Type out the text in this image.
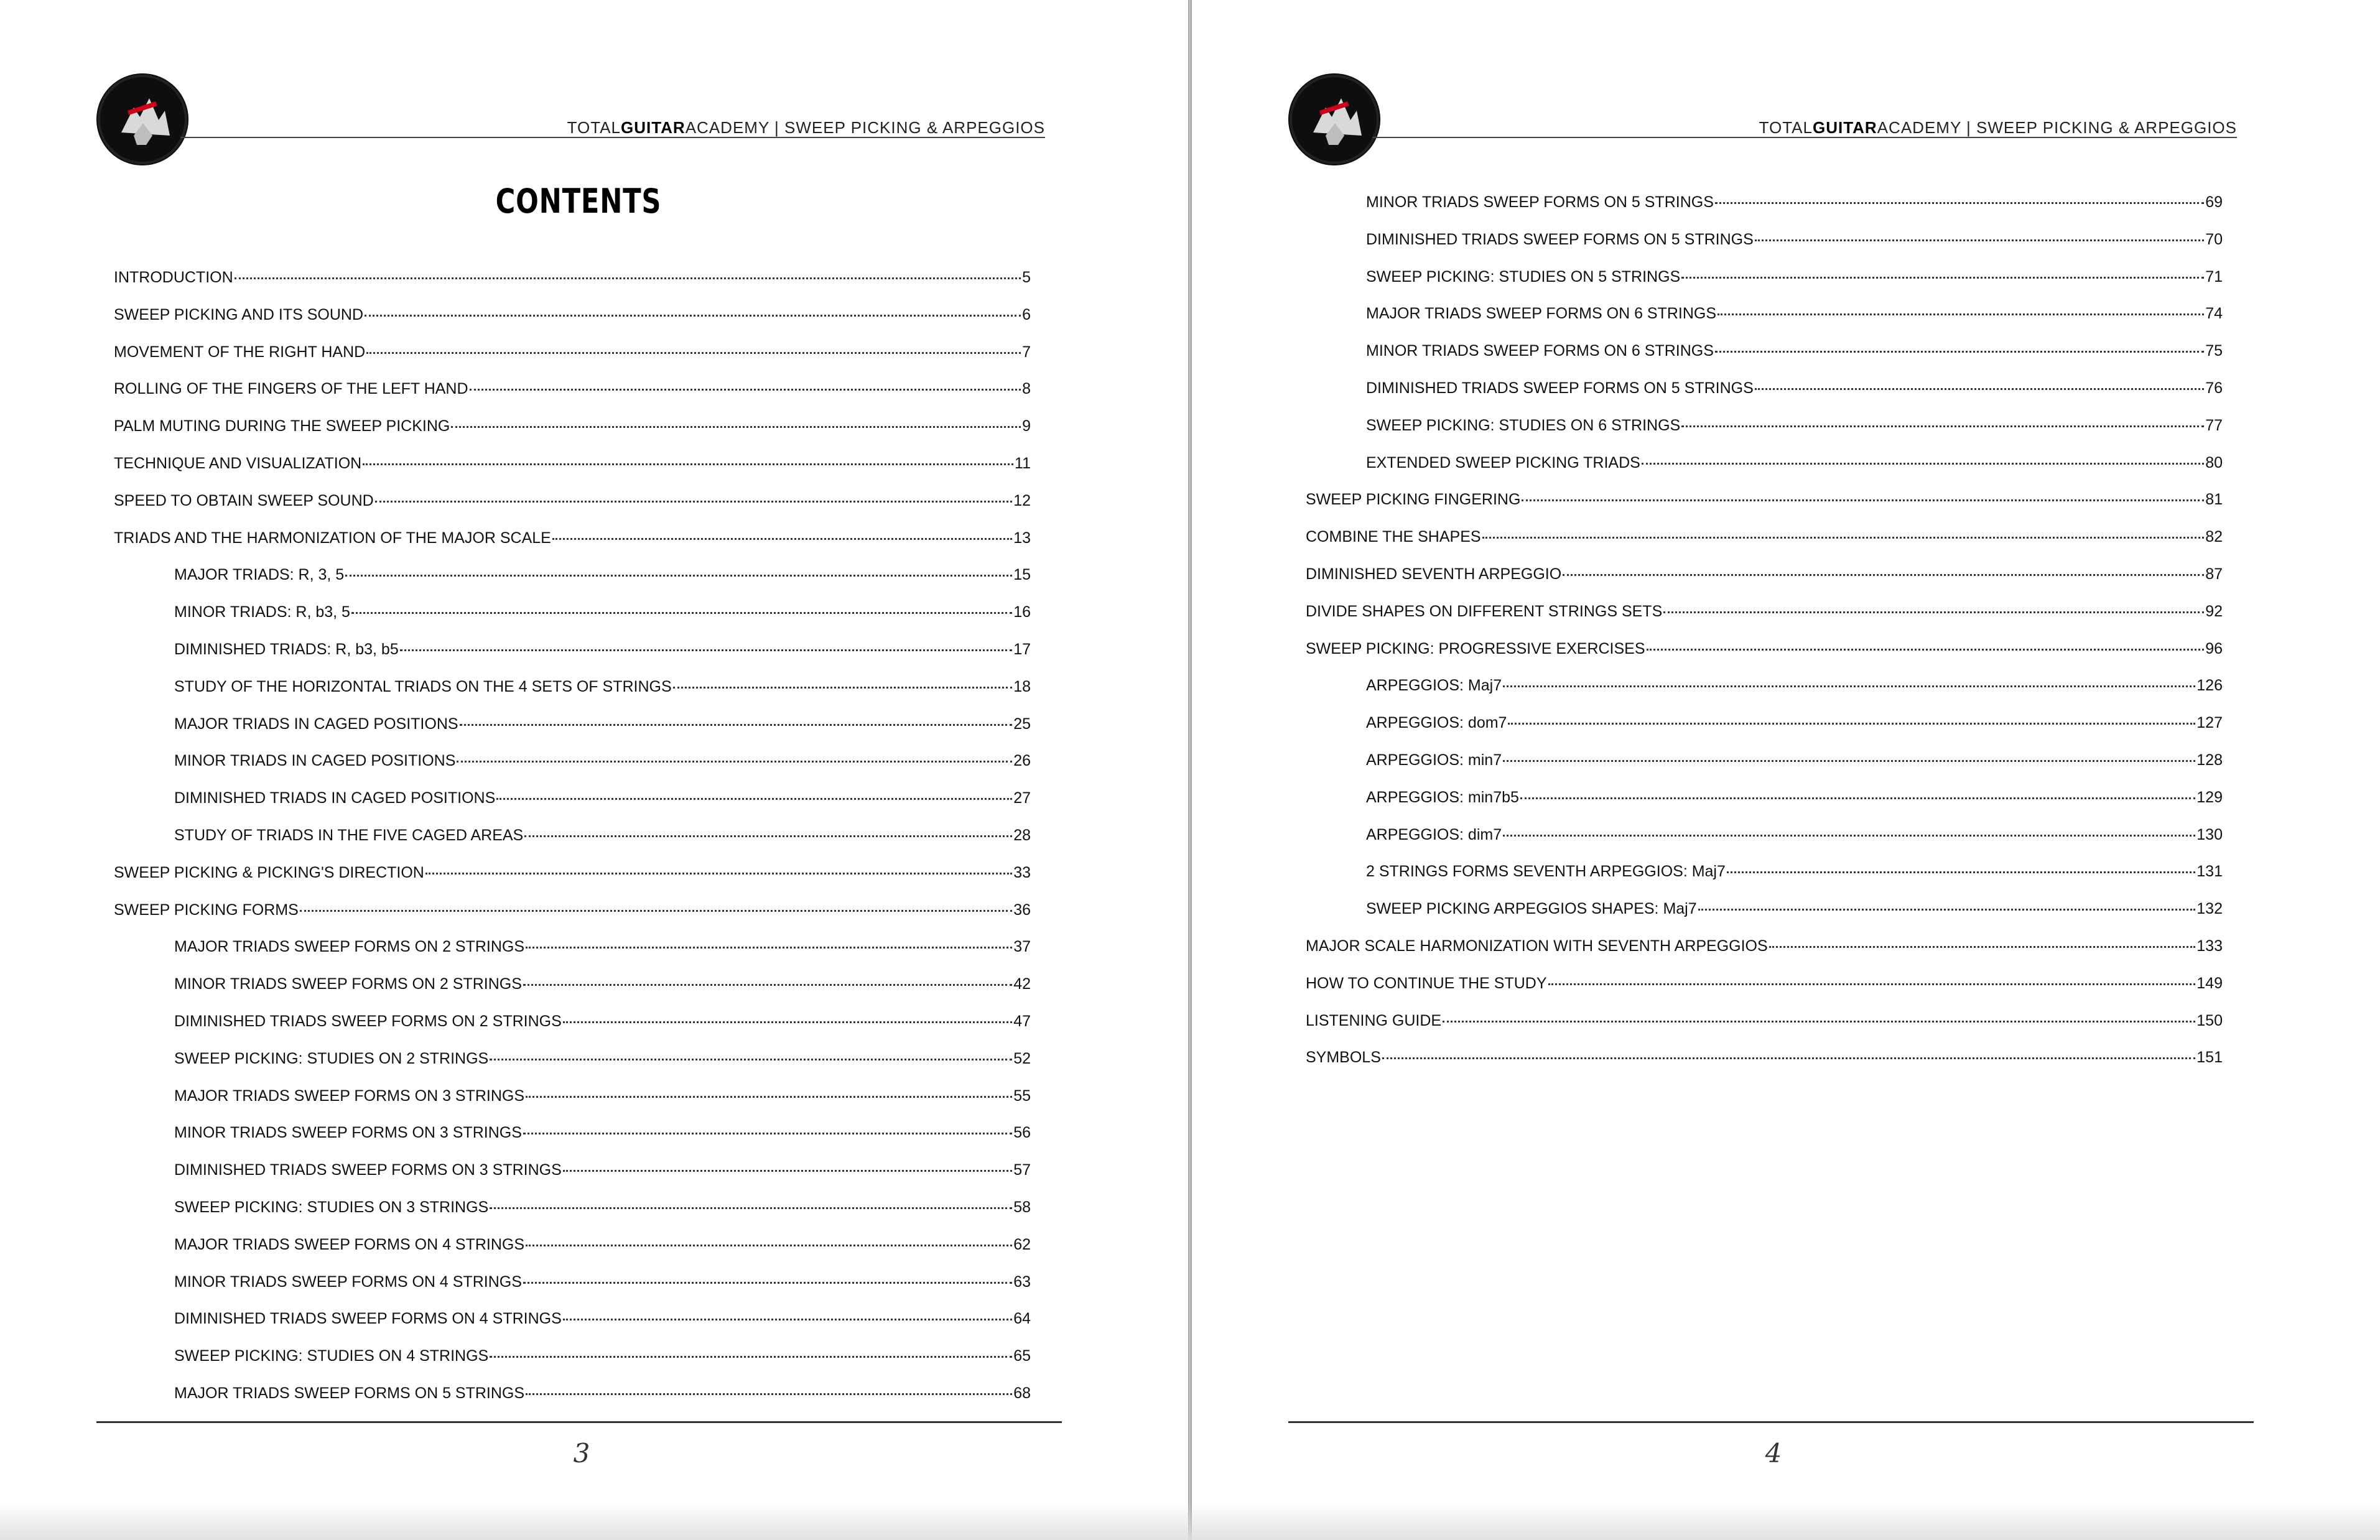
TOTALGUITARACADEMY | SWEEP PICKING & ARPEGGIOS
CONTENTS
INTRODUCTION	5
SWEEP PICKING AND ITS SOUND	6
MOVEMENT OF THE RIGHT HAND	7
ROLLING OF THE FINGERS OF THE LEFT HAND	8
PALM MUTING DURING THE SWEEP PICKING	9
TECHNIQUE AND VISUALIZATION	11
SPEED TO OBTAIN SWEEP SOUND	12
TRIADS AND THE HARMONIZATION OF THE MAJOR SCALE	13
MAJOR TRIADS: R, 3, 5	15
MINOR TRIADS: R, b3, 5	16
DIMINISHED TRIADS: R, b3, b5	17
STUDY OF THE HORIZONTAL TRIADS ON THE 4 SETS OF STRINGS	18
MAJOR TRIADS IN CAGED POSITIONS	25
MINOR TRIADS IN CAGED POSITIONS	26
DIMINISHED TRIADS IN CAGED POSITIONS	27
STUDY OF TRIADS IN THE FIVE CAGED AREAS	28
SWEEP PICKING & PICKING'S DIRECTION	33
SWEEP PICKING FORMS	36
MAJOR TRIADS SWEEP FORMS ON 2 STRINGS	37
MINOR TRIADS SWEEP FORMS ON 2 STRINGS	42
DIMINISHED TRIADS SWEEP FORMS ON 2 STRINGS	47
SWEEP PICKING: STUDIES ON 2 STRINGS	52
MAJOR TRIADS SWEEP FORMS ON 3 STRINGS	55
MINOR TRIADS SWEEP FORMS ON 3 STRINGS	56
DIMINISHED TRIADS SWEEP FORMS ON 3 STRINGS	57
SWEEP PICKING: STUDIES ON 3 STRINGS	58
MAJOR TRIADS SWEEP FORMS ON 4 STRINGS	62
MINOR TRIADS SWEEP FORMS ON 4 STRINGS	63
DIMINISHED TRIADS SWEEP FORMS ON 4 STRINGS	64
SWEEP PICKING: STUDIES ON 4 STRINGS	65
MAJOR TRIADS SWEEP FORMS ON 5 STRINGS	68
3
TOTALGUITARACADEMY | SWEEP PICKING & ARPEGGIOS
MINOR TRIADS SWEEP FORMS ON 5 STRINGS	69
DIMINISHED TRIADS SWEEP FORMS ON 5 STRINGS	70
SWEEP PICKING: STUDIES ON 5 STRINGS	71
MAJOR TRIADS SWEEP FORMS ON 6 STRINGS	74
MINOR TRIADS SWEEP FORMS ON 6 STRINGS	75
DIMINISHED TRIADS SWEEP FORMS ON 5 STRINGS	76
SWEEP PICKING: STUDIES ON 6 STRINGS	77
EXTENDED SWEEP PICKING TRIADS	80
SWEEP PICKING FINGERING	81
COMBINE THE SHAPES	82
DIMINISHED SEVENTH ARPEGGIO	87
DIVIDE SHAPES ON DIFFERENT STRINGS SETS	92
SWEEP PICKING: PROGRESSIVE EXERCISES	96
ARPEGGIOS: Maj7	126
ARPEGGIOS: dom7	127
ARPEGGIOS: min7	128
ARPEGGIOS: min7b5	129
ARPEGGIOS: dim7	130
2 STRINGS FORMS SEVENTH ARPEGGIOS: Maj7	131
SWEEP PICKING ARPEGGIOS SHAPES: Maj7	132
MAJOR SCALE HARMONIZATION WITH SEVENTH ARPEGGIOS	133
HOW TO CONTINUE THE STUDY	149
LISTENING GUIDE	150
SYMBOLS	151
4
